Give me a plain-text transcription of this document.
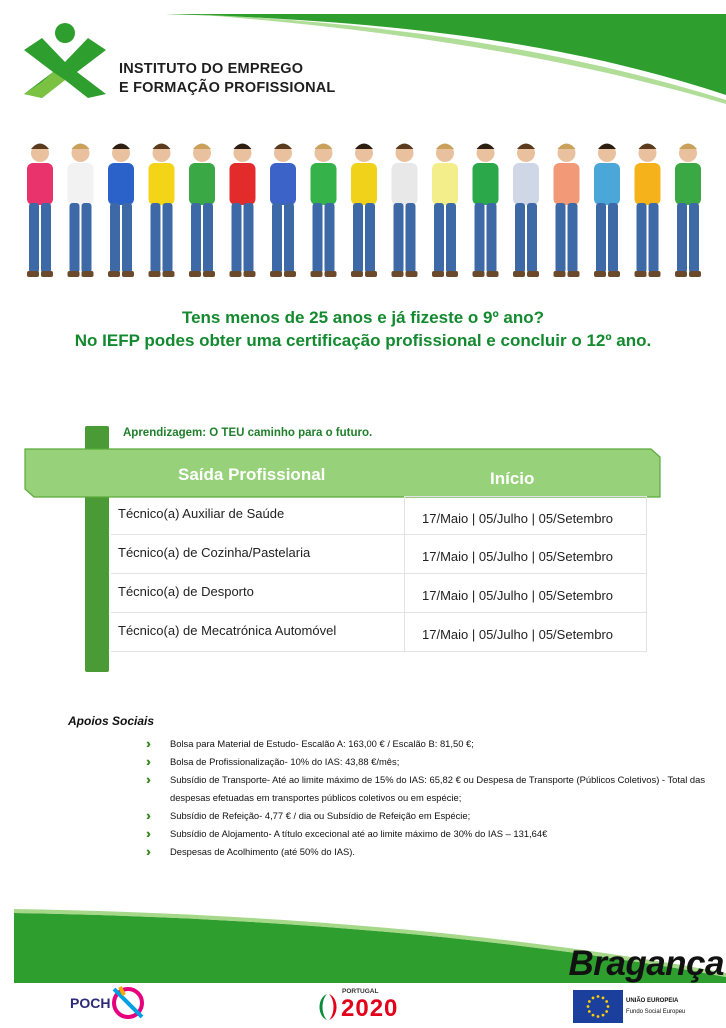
INSTITUTO DO EMPREGO
E FORMAÇÃO PROFISSIONAL
Tens menos de 25 anos e já fizeste o 9º ano?
No IEFP podes obter uma certificação profissional e concluir o 12º ano.
Aprendizagem: O TEU caminho para o futuro.
Saída Profissional	Início
Técnico(a) Auxiliar de Saúde	17/Maio | 05/Julho | 05/Setembro
Técnico(a) de Cozinha/Pastelaria	17/Maio | 05/Julho | 05/Setembro
Técnico(a) de Desporto	17/Maio | 05/Julho | 05/Setembro
Técnico(a) de Mecatrónica Automóvel	17/Maio | 05/Julho | 05/Setembro
Apoios Sociais
›››	Bolsa para Material de Estudo- Escalão A: 163,00 € / Escalão B: 81,50 €;
›››	Bolsa de Profissionalização- 10% do IAS: 43,88 €/mês;
›››	Subsídio de Transporte- Até ao limite máximo de 15% do IAS: 65,82 € ou Despesa de Transporte (Públicos Coletivos) - Total das despesas efetuadas em transportes públicos coletivos ou em espécie;
›››	Subsídio de Refeição- 4,77 € / dia ou Subsídio de Refeição em Espécie;
›››	Subsídio de Alojamento- A título excecional até ao limite máximo de 30% do IAS – 131,64€
›››	Despesas de Acolhimento (até 50% do IAS).
Bragança
POCH
PORTUGAL
2020	UNIÃO EUROPEIA
Fundo Social Europeu
